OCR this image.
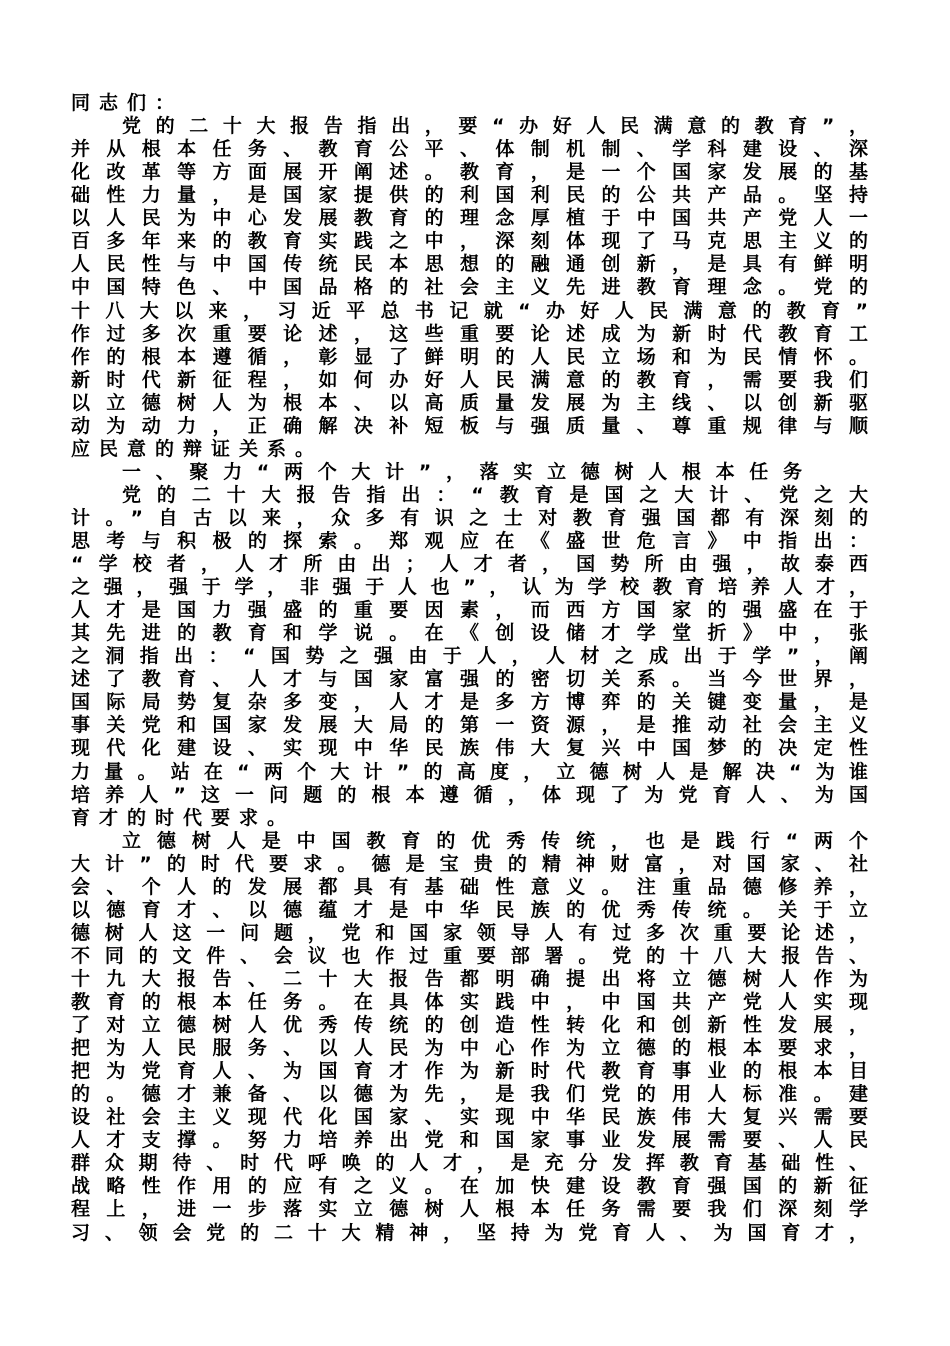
同志们：
党的二十大报告指出，要“办好人民满意的教育”，
并从根本任务、教育公平、体制机制、学科建设、深
化改革等方面展开阐述。教育，是一个国家发展的基
础性力量，是国家提供的利国利民的公共产品。坚持
以人民为中心发展教育的理念厚植于中国共产党人一
百多年来的教育实践之中，深刻体现了马克思主义的
人民性与中国传统民本思想的融通创新，是具有鲜明
中国特色、中国品格的社会主义先进教育理念。党的
十八大以来，习近平总书记就“办好人民满意的教育”
作过多次重要论述，这些重要论述成为新时代教育工
作的根本遵循，彰显了鲜明的人民立场和为民情怀。
新时代新征程，如何办好人民满意的教育，需要我们
以立德树人为根本、以高质量发展为主线、以创新驱
动为动力，正确解决补短板与强质量、尊重规律与顺
应民意的辩证关系。
一、聚力“两个大计”，落实立德树人根本任务
党的二十大报告指出：“教育是国之大计、党之大
计。”自古以来，众多有识之士对教育强国都有深刻的
思考与积极的探索。郑观应在《盛世危言》中指出：
“学校者，人才所由出；人才者，国势所由强，故泰西
之强，强于学，非强于人也”，认为学校教育培养人才，
人才是国力强盛的重要因素，而西方国家的强盛在于
其先进的教育和学说。在《创设储才学堂折》中，张
之洞指出：“国势之强由于人，人材之成出于学”，阐
述了教育、人才与国家富强的密切关系。当今世界，
国际局势复杂多变，人才是多方博弈的关键变量，是
事关党和国家发展大局的第一资源，是推动社会主义
现代化建设、实现中华民族伟大复兴中国梦的决定性
力量。站在“两个大计”的高度，立德树人是解决“为谁
培养人”这一问题的根本遵循，体现了为党育人、为国
育才的时代要求。
立德树人是中国教育的优秀传统，也是践行“两个
大计”的时代要求。德是宝贵的精神财富，对国家、社
会、个人的发展都具有基础性意义。注重品德修养，
以德育才、以德蕴才是中华民族的优秀传统。关于立
德树人这一问题，党和国家领导人有过多次重要论述，
不同的文件、会议也作过重要部署。党的十八大报告、
十九大报告、二十大报告都明确提出将立德树人作为
教育的根本任务。在具体实践中，中国共产党人实现
了对立德树人优秀传统的创造性转化和创新性发展，
把为人民服务、以人民为中心作为立德的根本要求，
把为党育人、为国育才作为新时代教育事业的根本目
的。德才兼备、以德为先，是我们党的用人标准。建
设社会主义现代化国家、实现中华民族伟大复兴需要
人才支撑。努力培养出党和国家事业发展需要、人民
群众期待、时代呼唤的人才，是充分发挥教育基础性、
战略性作用的应有之义。在加快建设教育强国的新征
程上，进一步落实立德树人根本任务需要我们深刻学
习、领会党的二十大精神，坚持为党育人、为国育才，
